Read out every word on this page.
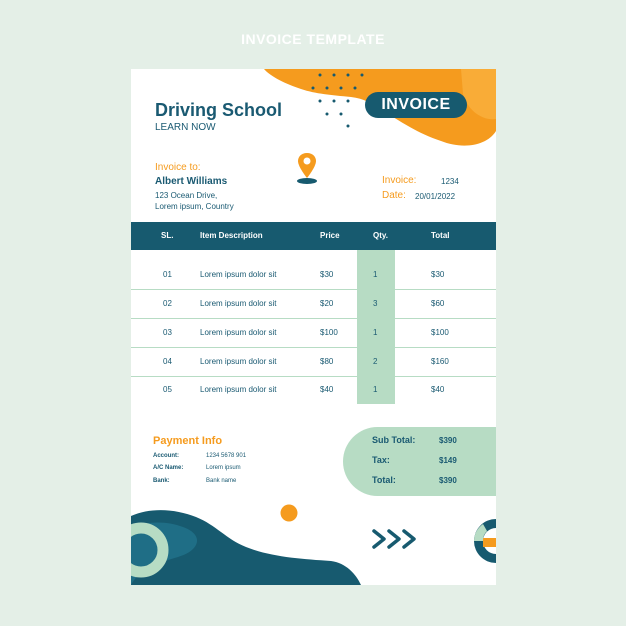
INVOICE TEMPLATE
Driving School
LEARN NOW
INVOICE
Invoice to:
Albert Williams
123 Ocean Drive,
Lorem ipsum, Country
Invoice:	1234
Date: 20/01/2022
SL.	Item Description	Price	Qty.	Total
01	Lorem ipsum dolor sit	$30	1	$30
02	Lorem ipsum dolor sit	$20	3	$60
03	Lorem ipsum dolor sit	$100	1	$100
04	Lorem ipsum dolor sit	$80	2	$160
05	Lorem ipsum dolor sit	$40	1	$40
Payment Info
Account:	1234 5678 901
A/C Name:	Lorem ipsum
Bank:	Bank name
Sub Total:	$390
Tax:	$149
Total:	$390
